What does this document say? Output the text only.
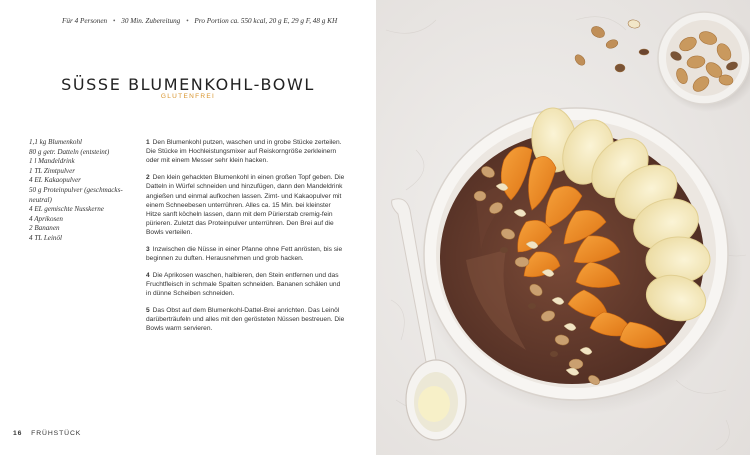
Für 4 Personen • 30 Min. Zubereitung • Pro Portion ca. 550 kcal, 20 g E, 29 g F, 48 g KH
SÜSSE BLUMENKOHL-BOWL
GLUTENFREI
1,1 kg Blumenkohl
80 g getr. Datteln (entsteint)
1 l Mandeldrink
1 TL Zimtpulver
4 EL Kakaopulver
50 g Proteinpulver (geschmacks-
neutral)
4 EL gemischte Nusskerne
4 Aprikosen
2 Bananen
4 TL Leinöl

1 Den Blumenkohl putzen, waschen und in grobe Stücke zerteilen. Die Stücke im Hochleistungsmixer auf Reiskorngröße zerkleinern oder mit einem Messer sehr klein hacken.

2 Den klein gehackten Blumenkohl in einen großen Topf geben. Die Datteln in Würfel schneiden und hinzufügen, dann den Mandeldrink angießen und einmal aufkochen lassen. Zimt- und Kakaopulver mit einem Schneebesen unterrühren. Alles ca. 15 Min. bei kleinster Hitze sanft köcheln lassen, dann mit dem Pürierstab cremig-fein pürieren. Zuletzt das Proteinpulver unterrühren. Den Brei auf die Bowls verteilen.

3 Inzwischen die Nüsse in einer Pfanne ohne Fett anrösten, bis sie beginnen zu duften. Herausnehmen und grob hacken.

4 Die Aprikosen waschen, halbieren, den Stein entfernen und das Fruchtfleisch in schmale Spalten schneiden. Bananen schälen und in dünne Scheiben schneiden.

5 Das Obst auf dem Blumenkohl-Dattel-Brei anrichten. Das Leinöl darüberträufeln und alles mit den gerösteten Nüssen bestreuen. Die Bowls warm servieren.

16 FRÜHSTÜCK
